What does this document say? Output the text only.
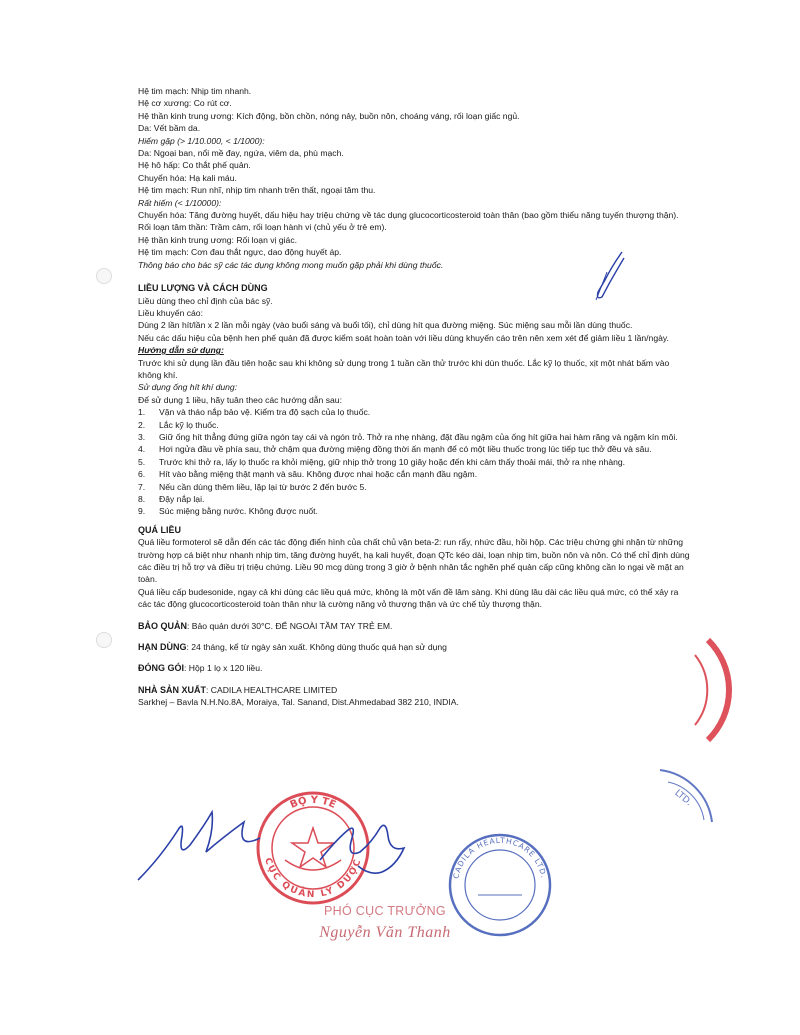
Hệ tim mạch: Nhịp tim nhanh.
Hệ cơ xương: Co rút cơ.
Hệ thần kinh trung ương: Kích động, bồn chồn, nóng nảy, buồn nôn, choáng váng, rối loạn giấc ngủ.
Da: Vết bầm da.
Hiếm gặp (> 1/10.000, < 1/1000):
Da: Ngoại ban, nổi mề đay, ngứa, viêm da, phù mạch.
Hệ hô hấp: Co thắt phế quản.
Chuyển hóa: Hạ kali máu.
Hệ tim mạch: Run nhĩ, nhịp tim nhanh trên thất, ngoại tâm thu.
Rất hiếm (< 1/10000):
Chuyển hóa: Tăng đường huyết, dấu hiệu hay triệu chứng về tác dụng glucocorticosteroid toàn thân (bao gồm thiểu năng tuyến thượng thận).
Rối loạn tâm thần: Trầm cảm, rối loạn hành vi (chủ yếu ở trẻ em).
Hệ thần kinh trung ương: Rối loạn vị giác.
Hệ tim mạch: Cơn đau thắt ngực, dao động huyết áp.
Thông báo cho bác sỹ các tác dụng không mong muốn gặp phải khi dùng thuốc.
LIỀU LƯỢNG VÀ CÁCH DÙNG
Liều dùng theo chỉ định của bác sỹ.
Liều khuyến cáo:
Dùng 2 lần hít/lần x 2 lần mỗi ngày (vào buổi sáng và buổi tối), chỉ dùng hít qua đường miệng. Súc miệng sau mỗi lần dùng thuốc.
Nếu các dấu hiệu của bệnh hen phế quản đã được kiểm soát hoàn toàn với liều dùng khuyến cáo trên nên xem xét để giảm liều 1 lần/ngày.
Hướng dẫn sử dụng:
Trước khi sử dụng lần đầu tiên hoặc sau khi không sử dụng trong 1 tuần cần thử trước khi dùn thuốc. Lắc kỹ lọ thuốc, xịt một nhát bấm vào không khí.
Sử dụng ống hít khí dung:
Để sử dụng 1 liều, hãy tuân theo các hướng dẫn sau:
1. Vặn và tháo nắp bảo vệ. Kiểm tra độ sạch của lọ thuốc.
2. Lắc kỹ lọ thuốc.
3. Giữ ống hít thẳng đứng giữa ngón tay cái và ngón trỏ. Thở ra nhẹ nhàng, đặt đầu ngậm của ống hít giữa hai hàm răng và ngậm kín môi.
4. Hơi ngửa đầu về phía sau, thở chậm qua đường miệng đồng thời ấn mạnh để có một liều thuốc trong lúc tiếp tục thở đều và sâu.
5. Trước khi thở ra, lấy lọ thuốc ra khỏi miệng, giữ nhịp thở trong 10 giây hoặc đến khi cảm thấy thoải mái, thở ra nhẹ nhàng.
6. Hít vào bằng miệng thật mạnh và sâu. Không được nhai hoặc cắn mạnh đầu ngậm.
7. Nếu cần dùng thêm liều, lặp lại từ bước 2 đến bước 5.
8. Đậy nắp lại.
9. Súc miệng bằng nước. Không được nuốt.
QUÁ LIỀU
Quá liều formoterol sẽ dẫn đến các tác động điển hình của chất chủ vận beta-2: run rẩy, nhức đầu, hồi hộp. Các triệu chứng ghi nhận từ những trường hợp cá biệt như nhanh nhịp tim, tăng đường huyết, hạ kali huyết, đoạn QTc kéo dài, loạn nhịp tim, buồn nôn và nôn. Có thể chỉ định dùng các điều trị hỗ trợ và điều trị triệu chứng. Liều 90 mcg dùng trong 3 giờ ở bệnh nhân tắc nghẽn phế quản cấp cũng không cần lo ngại về mặt an toàn.
Quá liều cấp budesonide, ngay cả khi dùng các liều quá mức, không là một vấn đề lâm sàng. Khi dùng lâu dài các liều quá mức, có thể xảy ra các tác động glucocorticosteroid toàn thân như là cường năng vỏ thượng thận và ức chế tủy thượng thận.
BẢO QUẢN: Bảo quản dưới 30°C. ĐỂ NGOÀI TẦM TAY TRẺ EM.
HẠN DÙNG: 24 tháng, kể từ ngày sản xuất. Không dùng thuốc quá hạn sử dụng
ĐÓNG GÓI: Hộp 1 lọ x 120 liều.
NHÀ SẢN XUẤT: CADILA HEALTHCARE LIMITED
Sarkhej – Bavla N.H.No.8A, Moraiya, Tal. Sanand, Dist.Ahmedabad 382 210, INDIA.
LTD.
BỘ Y TẾ
CỤC QUẢN LÝ DƯỢC
CADILA HEALTHCARE LTD.
PHÓ CỤC TRƯỞNG
Nguyễn Văn Thanh
